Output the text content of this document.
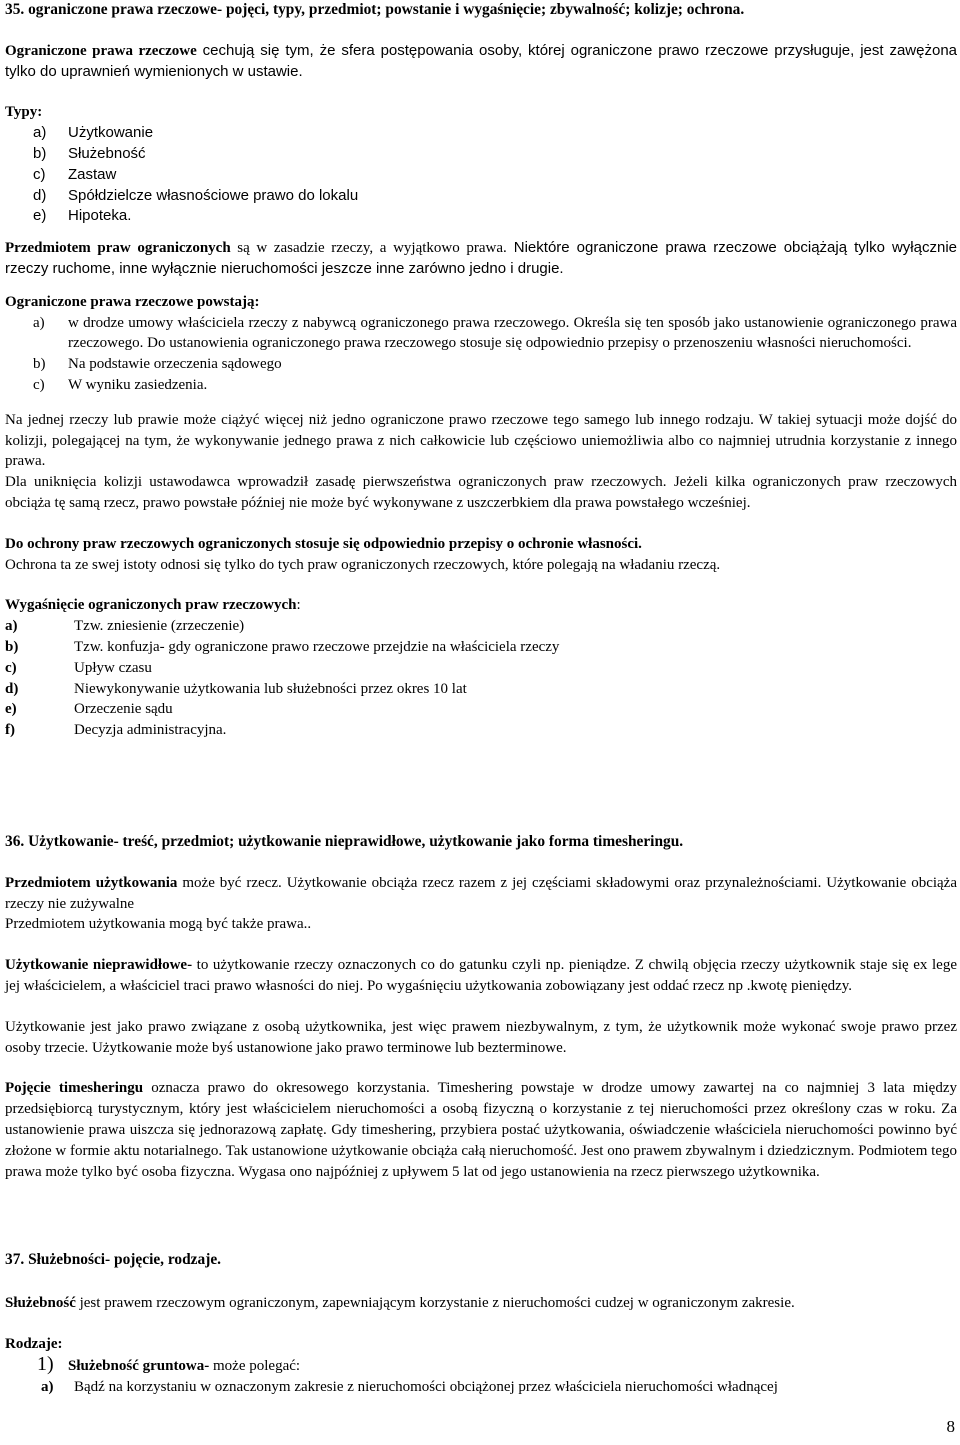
35. ograniczone prawa rzeczowe- pojęci, typy, przedmiot; powstanie i wygaśnięcie; zbywalność; kolizje; ochrona.

Ograniczone prawa rzeczowe cechują się tym, że sfera postępowania osoby, której ograniczone prawo rzeczowe przysługuje, jest zawężona tylko do uprawnień wymienionych w ustawie.

Typy:

a) Użytkowanie
b) Służebność
c) Zastaw
d) Spółdzielcze własnościowe prawo do lokalu
e) Hipoteka.

Przedmiotem praw ograniczonych są w zasadzie rzeczy, a wyjątkowo prawa. Niektóre ograniczone prawa rzeczowe obciążają tylko wyłącznie rzeczy ruchome, inne wyłącznie nieruchomości jeszcze inne zarówno jedno i drugie.

Ograniczone prawa rzeczowe powstają:

a) w drodze umowy właściciela rzeczy z nabywcą ograniczonego prawa rzeczowego. Określa się ten sposób jako ustanowienie ograniczonego prawa rzeczowego. Do ustanowienia ograniczonego prawa rzeczowego stosuje się odpowiednio przepisy o przenoszeniu własności nieruchomości.
b) Na podstawie orzeczenia sądowego
c) W wyniku zasiedzenia.

Na jednej rzeczy lub prawie może ciążyć więcej niż jedno ograniczone prawo rzeczowe tego samego lub innego rodzaju. W takiej sytuacji może dojść do kolizji, polegającej na tym, że wykonywanie jednego prawa z nich całkowicie lub częściowo uniemożliwia albo co najmniej utrudnia korzystanie z innego prawa.

Dla uniknięcia kolizji ustawodawca wprowadził zasadę pierwszeństwa ograniczonych praw rzeczowych. Jeżeli kilka ograniczonych praw rzeczowych obciąża tę samą rzecz, prawo powstałe później nie może być wykonywane z uszczerbkiem dla prawa powstałego wcześniej.

Do ochrony praw rzeczowych ograniczonych stosuje się odpowiednio przepisy o ochronie własności.
Ochrona ta ze swej istoty odnosi się tylko do tych praw ograniczonych rzeczowych, które polegają na władaniu rzeczą.

Wygaśnięcie ograniczonych praw rzeczowych:

a)	Tzw. zniesienie (zrzeczenie)
b)	Tzw. konfuzja- gdy ograniczone prawo rzeczowe przejdzie na właściciela rzeczy
c)	Upływ czasu
d)	Niewykonywanie użytkowania lub służebności przez okres 10 lat
e)	Orzeczenie sądu
f)	Decyzja administracyjna.

36. Użytkowanie- treść, przedmiot; użytkowanie nieprawidłowe, użytkowanie jako forma timesheringu.

Przedmiotem użytkowania może być rzecz. Użytkowanie obciąża rzecz razem z jej częściami składowymi oraz przynależnościami. Użytkowanie obciąża rzeczy nie zużywalne
Przedmiotem użytkowania mogą być także prawa..

Użytkowanie nieprawidłowe- to użytkowanie rzeczy oznaczonych co do gatunku czyli np. pieniądze. Z chwilą objęcia rzeczy użytkownik staje się ex lege jej właścicielem, a właściciel traci prawo własności do niej. Po wygaśnięciu użytkowania zobowiązany jest oddać rzecz np .kwotę pieniędzy.

Użytkowanie jest jako prawo związane z osobą użytkownika, jest więc prawem niezbywalnym, z tym, że użytkownik może wykonać swoje prawo przez osoby trzecie. Użytkowanie może byś ustanowione jako prawo terminowe lub bezterminowe.

Pojęcie timesheringu oznacza prawo do okresowego korzystania. Timeshering powstaje w drodze umowy zawartej na co najmniej 3 lata między przedsiębiorcą turystycznym, który jest właścicielem nieruchomości a osobą fizyczną o korzystanie z tej nieruchomości przez określony czas w roku. Za ustanowienie prawa uiszcza się jednorazową zapłatę. Gdy timeshering, przybiera postać użytkowania, oświadczenie właściciela nieruchomości powinno być złożone w formie aktu notarialnego. Tak ustanowione użytkowanie obciąża całą nieruchomość. Jest ono prawem zbywalnym i dziedzicznym. Podmiotem tego prawa może tylko być osoba fizyczna. Wygasa ono najpóźniej z upływem 5 lat od jego ustanowienia na rzecz pierwszego użytkownika.

37. Służebności- pojęcie, rodzaje.

Służebność jest prawem rzeczowym ograniczonym, zapewniającym korzystanie z nieruchomości cudzej w ograniczonym zakresie.

Rodzaje:

1) Służebność gruntowa- może polegać:
a) Bądź na korzystaniu w oznaczonym zakresie z nieruchomości obciążonej przez właściciela nieruchomości władnącej
8
